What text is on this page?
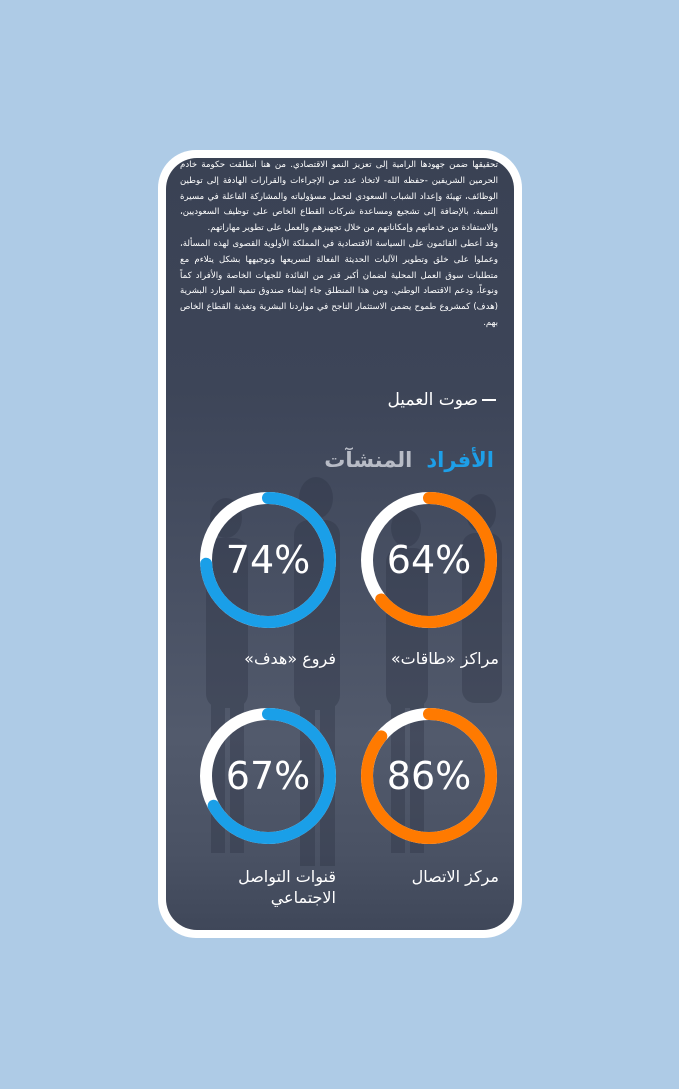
تحقيقها ضمن جهودها الرامية إلى تعزيز النمو الاقتصادي. من هنا انطلقت حكومة خادم الحرمين الشريفين -حفظه الله- لاتخاذ عدد من الإجراءات والقرارات الهادفة إلى توطين الوظائف، تهيئة وإعداد الشباب السعودي لتحمل مسؤولياته والمشاركة الفاعلة في مسيرة التنمية، بالإضافة إلى تشجيع ومساعدة شركات القطاع الخاص على توظيف السعوديين، والاستفادة من خدماتهم وإمكاناتهم من خلال تجهيزهم والعمل على تطوير مهاراتهم.

وقد أعطى القائمون على السياسة الاقتصادية في المملكة الأولوية القصوى لهذه المسألة، وعملوا على خلق وتطوير الآليات الحديثة الفعالة لتسريعها وتوجيهها بشكل يتلاءم مع متطلبات سوق العمل المحلية لضمان أكبر قدر من الفائدة للجهات الخاصة والأفراد كماً ونوعاً، ودعم الاقتصاد الوطني. ومن هذا المنطلق جاء إنشاء صندوق تنمية الموارد البشرية (هدف) كمشروع طموح يضمن الاستثمار الناجح في مواردنا البشرية وتغذية القطاع الخاص بهم.

صوت العميل
الأفراد
المنشآت
64%
مراكز «طاقات»
74%
فروع «هدف»
86%
مركز الاتصال
67%
قنوات التواصل الاجتماعي
